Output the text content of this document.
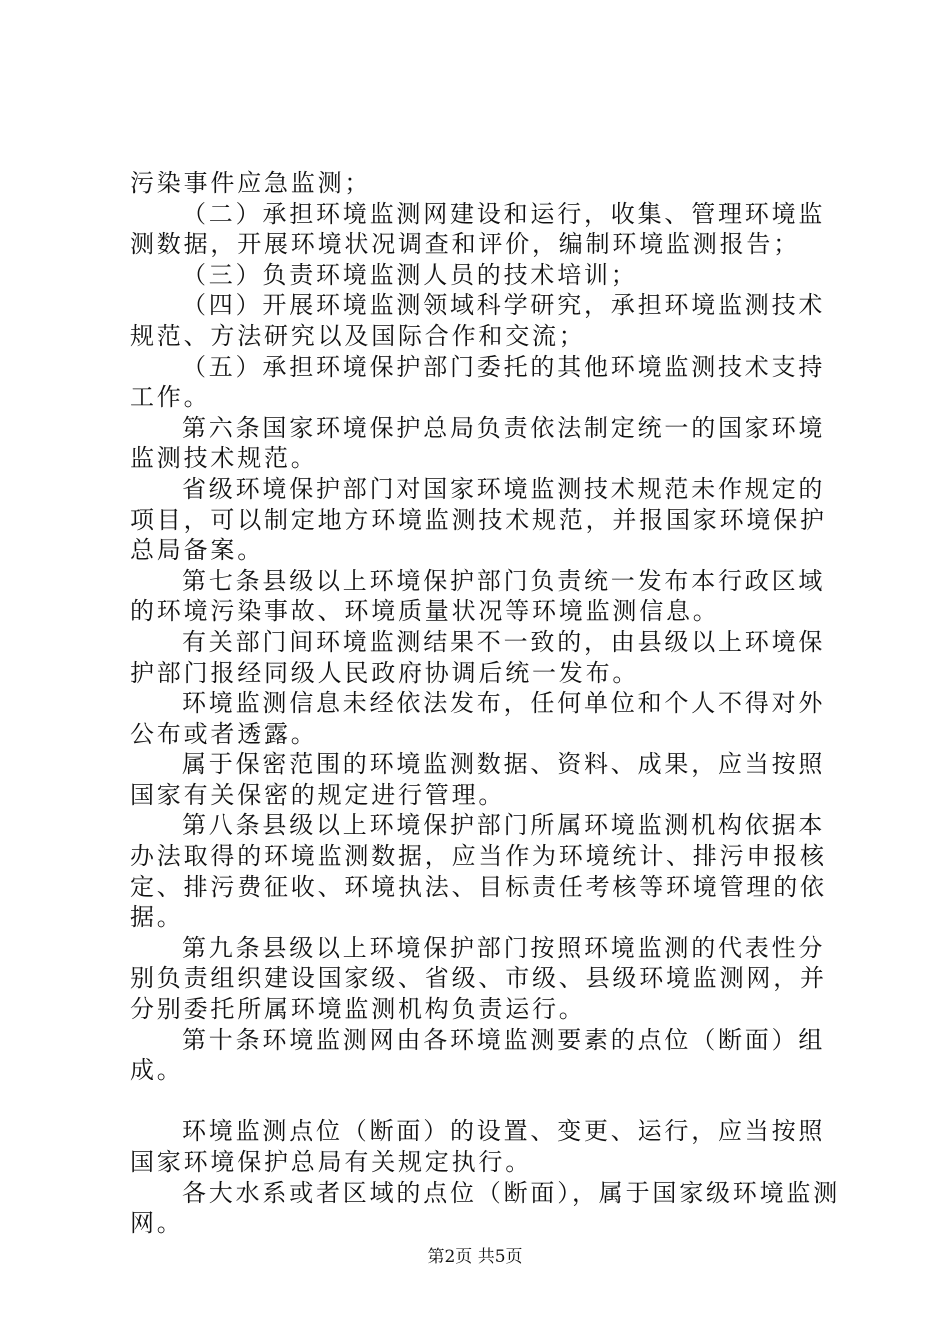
污染事件应急监测；

（二）承担环境监测网建设和运行，收集、管理环境监测数据，开展环境状况调查和评价，编制环境监测报告；

（三）负责环境监测人员的技术培训；

（四）开展环境监测领域科学研究，承担环境监测技术规范、方法研究以及国际合作和交流；

（五）承担环境保护部门委托的其他环境监测技术支持工作。

第六条国家环境保护总局负责依法制定统一的国家环境监测技术规范。

省级环境保护部门对国家环境监测技术规范未作规定的项目，可以制定地方环境监测技术规范，并报国家环境保护总局备案。

第七条县级以上环境保护部门负责统一发布本行政区域的环境污染事故、环境质量状况等环境监测信息。

有关部门间环境监测结果不一致的，由县级以上环境保护部门报经同级人民政府协调后统一发布。

环境监测信息未经依法发布，任何单位和个人不得对外公布或者透露。

属于保密范围的环境监测数据、资料、成果，应当按照国家有关保密的规定进行管理。

第八条县级以上环境保护部门所属环境监测机构依据本办法取得的环境监测数据，应当作为环境统计、排污申报核定、排污费征收、环境执法、目标责任考核等环境管理的依据。

第九条县级以上环境保护部门按照环境监测的代表性分别负责组织建设国家级、省级、市级、县级环境监测网，并分别委托所属环境监测机构负责运行。

第十条环境监测网由各环境监测要素的点位（断面）组成。

环境监测点位（断面）的设置、变更、运行，应当按照国家环境保护总局有关规定执行。

各大水系或者区域的点位（断面），属于国家级环境监测网。

第2页 共5页
